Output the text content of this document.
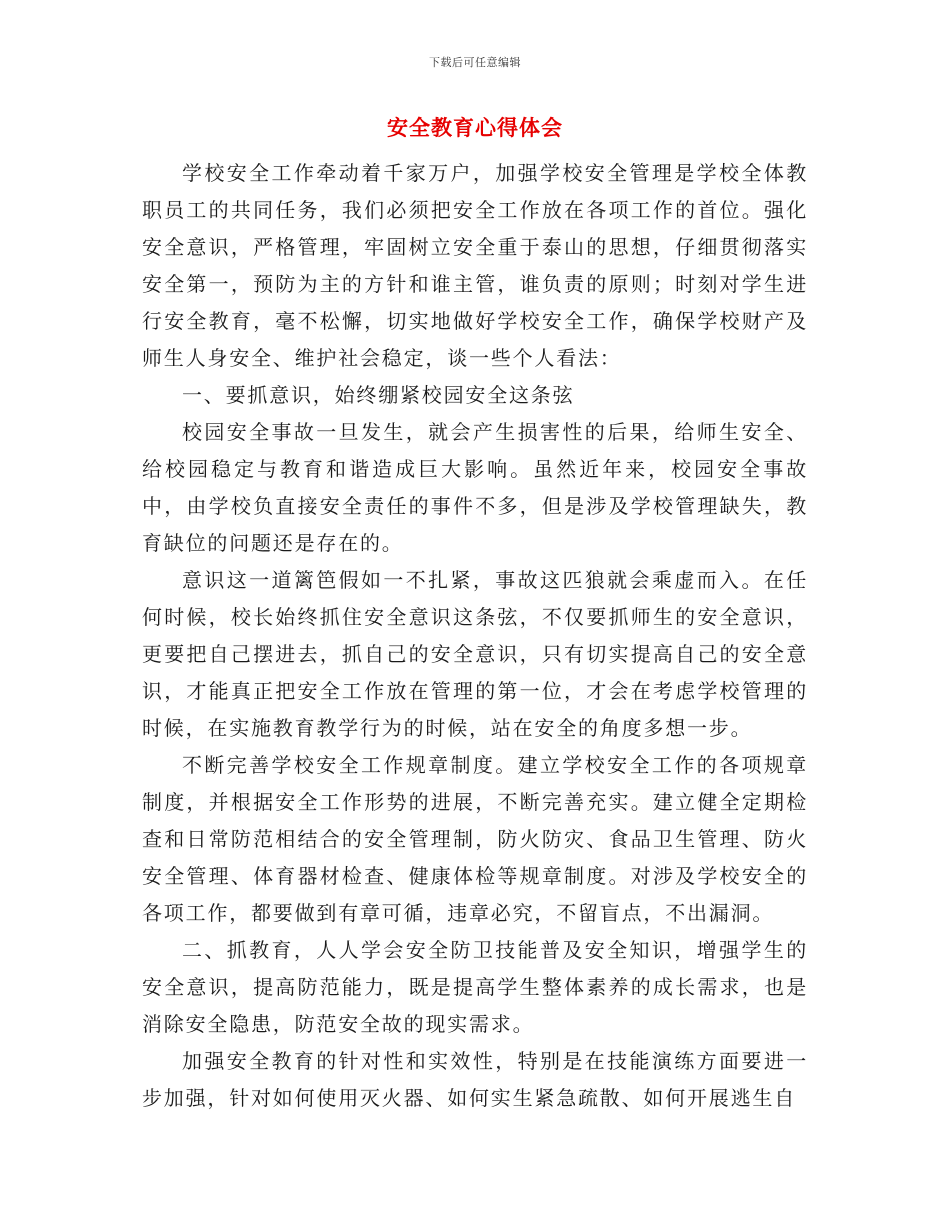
下载后可任意编辑
安全教育心得体会

学校安全工作牵动着千家万户，加强学校安全管理是学校全体教职员工的共同任务，我们必须把安全工作放在各项工作的首位。强化安全意识，严格管理，牢固树立安全重于泰山的思想，仔细贯彻落实安全第一，预防为主的方针和谁主管，谁负责的原则；时刻对学生进行安全教育，毫不松懈，切实地做好学校安全工作，确保学校财产及师生人身安全、维护社会稳定，谈一些个人看法：

一、要抓意识，始终绷紧校园安全这条弦

校园安全事故一旦发生，就会产生损害性的后果，给师生安全、给校园稳定与教育和谐造成巨大影响。虽然近年来，校园安全事故中，由学校负直接安全责任的事件不多，但是涉及学校管理缺失，教育缺位的问题还是存在的。

意识这一道篱笆假如一不扎紧，事故这匹狼就会乘虚而入。在任何时候，校长始终抓住安全意识这条弦，不仅要抓师生的安全意识，更要把自己摆进去，抓自己的安全意识，只有切实提高自己的安全意识，才能真正把安全工作放在管理的第一位，才会在考虑学校管理的时候，在实施教育教学行为的时候，站在安全的角度多想一步。

不断完善学校安全工作规章制度。建立学校安全工作的各项规章制度，并根据安全工作形势的进展，不断完善充实。建立健全定期检查和日常防范相结合的安全管理制，防火防灾、食品卫生管理、防火安全管理、体育器材检查、健康体检等规章制度。对涉及学校安全的各项工作，都要做到有章可循，违章必究，不留盲点，不出漏洞。

二、抓教育，人人学会安全防卫技能普及安全知识，增强学生的安全意识，提高防范能力，既是提高学生整体素养的成长需求，也是消除安全隐患，防范安全故的现实需求。

加强安全教育的针对性和实效性，特别是在技能演练方面要进一步加强，针对如何使用灭火器、如何实生紧急疏散、如何开展逃生自
